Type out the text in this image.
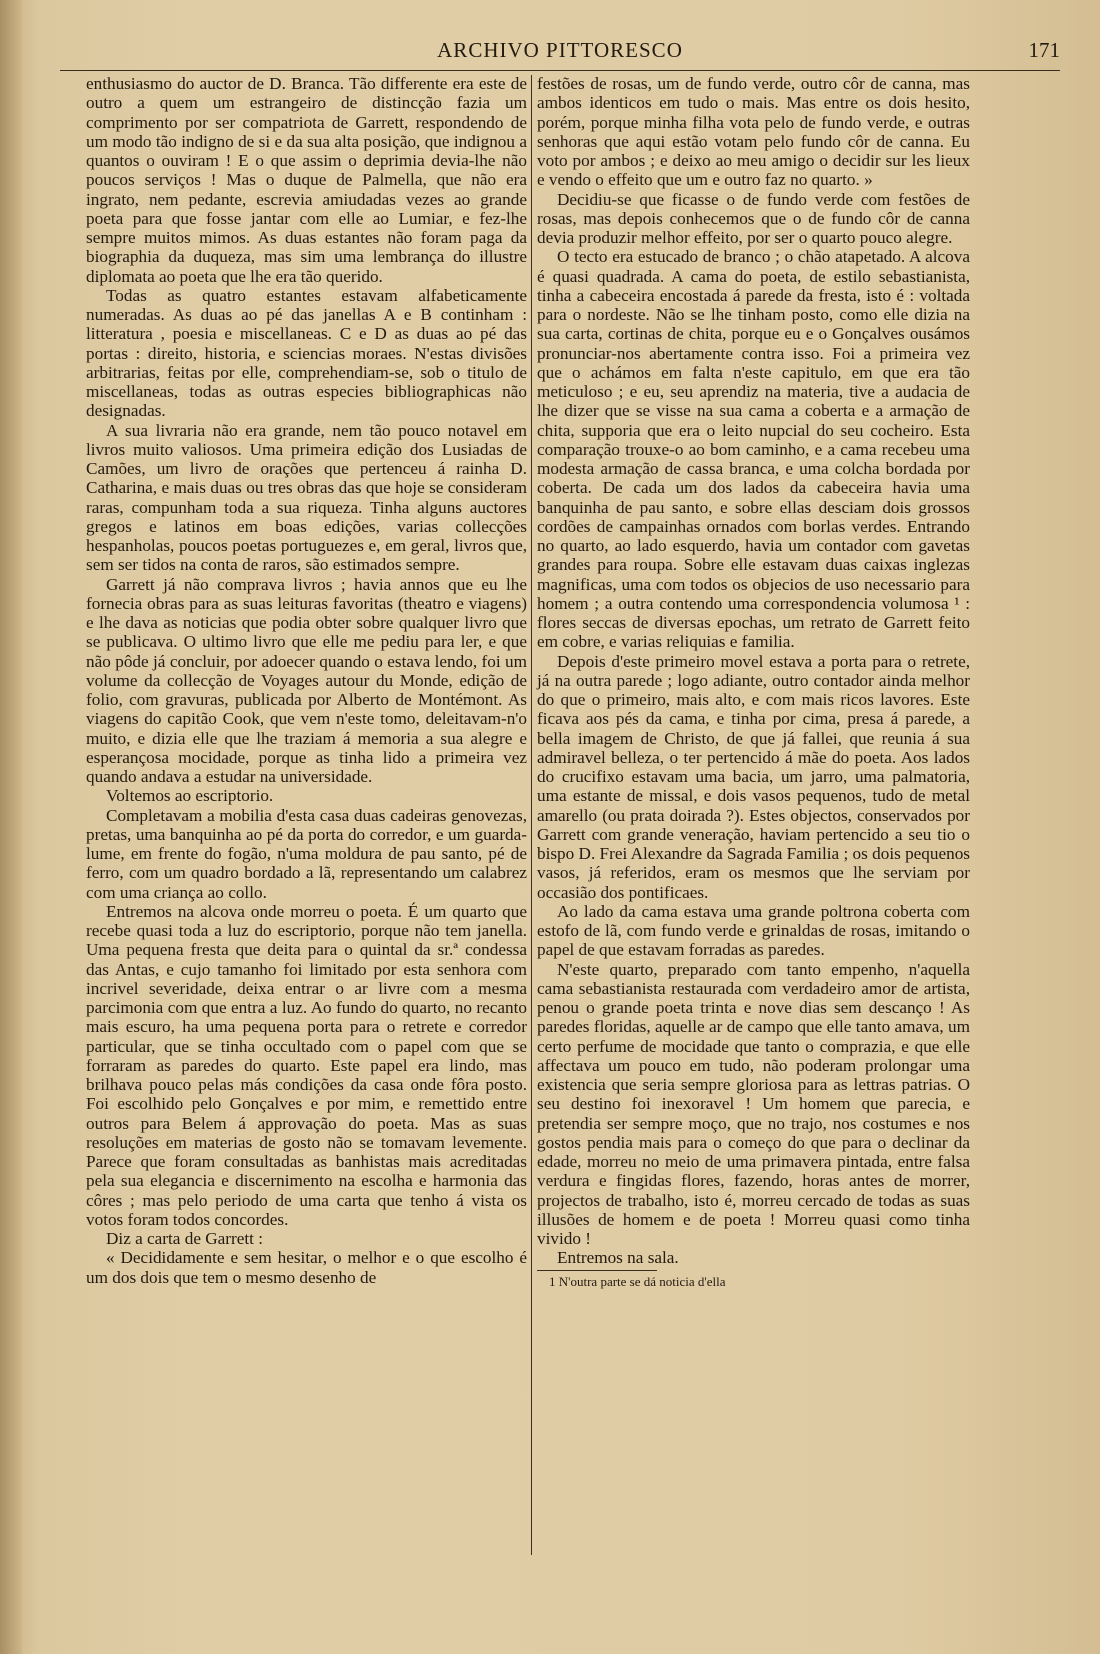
ARCHIVO PITTORESCO	171

enthusiasmo do auctor de D. Branca. Tão differente era este de outro a quem um estrangeiro de distincção fazia um comprimento por ser compatriota de Garrett, respondendo de um modo tão indigno de si e da sua alta posição, que indignou a quantos o ouviram ! E o que assim o deprimia devia-lhe não poucos serviços ! Mas o duque de Palmella, que não era ingrato, nem pedante, escrevia amiudadas vezes ao grande poeta para que fosse jantar com elle ao Lumiar, e fez-lhe sempre muitos mimos. As duas estantes não foram paga da biographia da duqueza, mas sim uma lembrança do illustre diplomata ao poeta que lhe era tão querido.

Todas as quatro estantes estavam alfabeticamente numeradas. As duas ao pé das janellas A e B continham : litteratura , poesia e miscellaneas. C e D as duas ao pé das portas : direito, historia, e sciencias moraes. N'estas divisões arbitrarias, feitas por elle, comprehendiam-se, sob o titulo de miscellaneas, todas as outras especies bibliographicas não designadas.

A sua livraria não era grande, nem tão pouco notavel em livros muito valiosos. Uma primeira edição dos Lusiadas de Camões, um livro de orações que pertenceu á rainha D. Catharina, e mais duas ou tres obras das que hoje se consideram raras, compunham toda a sua riqueza. Tinha alguns auctores gregos e latinos em boas edições, varias collecções hespanholas, poucos poetas portuguezes e, em geral, livros que, sem ser tidos na conta de raros, são estimados sempre.

Garrett já não comprava livros ; havia annos que eu lhe fornecia obras para as suas leituras favoritas (theatro e viagens) e lhe dava as noticias que podia obter sobre qualquer livro que se publicava. O ultimo livro que elle me pediu para ler, e que não pôde já concluir, por adoecer quando o estava lendo, foi um volume da collecção de Voyages autour du Monde, edição de folio, com gravuras, publicada por Alberto de Montémont. As viagens do capitão Cook, que vem n'este tomo, deleitavam-n'o muito, e dizia elle que lhe traziam á memoria a sua alegre e esperançosa mocidade, porque as tinha lido a primeira vez quando andava a estudar na universidade.

Voltemos ao escriptorio.

Completavam a mobilia d'esta casa duas cadeiras genovezas, pretas, uma banquinha ao pé da porta do corredor, e um guarda-lume, em frente do fogão, n'uma moldura de pau santo, pé de ferro, com um quadro bordado a lã, representando um calabrez com uma criança ao collo.

Entremos na alcova onde morreu o poeta. É um quarto que recebe quasi toda a luz do escriptorio, porque não tem janella. Uma pequena fresta que deita para o quintal da sr.ª condessa das Antas, e cujo tamanho foi limitado por esta senhora com incrivel severidade, deixa entrar o ar livre com a mesma parcimonia com que entra a luz. Ao fundo do quarto, no recanto mais escuro, ha uma pequena porta para o retrete e corredor particular, que se tinha occultado com o papel com que se forraram as paredes do quarto. Este papel era lindo, mas brilhava pouco pelas más condições da casa onde fôra posto. Foi escolhido pelo Gonçalves e por mim, e remettido entre outros para Belem á approvação do poeta. Mas as suas resoluções em materias de gosto não se tomavam levemente. Parece que foram consultadas as banhistas mais acreditadas pela sua elegancia e discernimento na escolha e harmonia das côres ; mas pelo periodo de uma carta que tenho á vista os votos foram todos concordes.

Diz a carta de Garrett :

« Decididamente e sem hesitar, o melhor e o que escolho é um dos dois que tem o mesmo desenho de

festões de rosas, um de fundo verde, outro côr de canna, mas ambos identicos em tudo o mais. Mas entre os dois hesito, porém, porque minha filha vota pelo de fundo verde, e outras senhoras que aqui estão votam pelo fundo côr de canna. Eu voto por ambos ; e deixo ao meu amigo o decidir sur les lieux e vendo o effeito que um e outro faz no quarto. »

Decidiu-se que ficasse o de fundo verde com festões de rosas, mas depois conhecemos que o de fundo côr de canna devia produzir melhor effeito, por ser o quarto pouco alegre.

O tecto era estucado de branco ; o chão atapetado. A alcova é quasi quadrada. A cama do poeta, de estilo sebastianista, tinha a cabeceira encostada á parede da fresta, isto é : voltada para o nordeste. Não se lhe tinham posto, como elle dizia na sua carta, cortinas de chita, porque eu e o Gonçalves ousámos pronunciar-nos abertamente contra isso. Foi a primeira vez que o achámos em falta n'este capitulo, em que era tão meticuloso ; e eu, seu aprendiz na materia, tive a audacia de lhe dizer que se visse na sua cama a coberta e a armação de chita, supporia que era o leito nupcial do seu cocheiro. Esta comparação trouxe-o ao bom caminho, e a cama recebeu uma modesta armação de cassa branca, e uma colcha bordada por coberta. De cada um dos lados da cabeceira havia uma banquinha de pau santo, e sobre ellas desciam dois grossos cordões de campainhas ornados com borlas verdes. Entrando no quarto, ao lado esquerdo, havia um contador com gavetas grandes para roupa. Sobre elle estavam duas caixas inglezas magnificas, uma com todos os objecios de uso necessario para homem ; a outra contendo uma correspondencia volumosa ¹ : flores seccas de diversas epochas, um retrato de Garrett feito em cobre, e varias reliquias e familia.

Depois d'este primeiro movel estava a porta para o retrete, já na outra parede ; logo adiante, outro contador ainda melhor do que o primeiro, mais alto, e com mais ricos lavores. Este ficava aos pés da cama, e tinha por cima, presa á parede, a bella imagem de Christo, de que já fallei, que reunia á sua admiravel belleza, o ter pertencido á mãe do poeta. Aos lados do crucifixo estavam uma bacia, um jarro, uma palmatoria, uma estante de missal, e dois vasos pequenos, tudo de metal amarello (ou prata doirada ?). Estes objectos, conservados por Garrett com grande veneração, haviam pertencido a seu tio o bispo D. Frei Alexandre da Sagrada Familia ; os dois pequenos vasos, já referidos, eram os mesmos que lhe serviam por occasião dos pontificaes.

Ao lado da cama estava uma grande poltrona coberta com estofo de lã, com fundo verde e grinaldas de rosas, imitando o papel de que estavam forradas as paredes.

N'este quarto, preparado com tanto empenho, n'aquella cama sebastianista restaurada com verdadeiro amor de artista, penou o grande poeta trinta e nove dias sem descanço ! As paredes floridas, aquelle ar de campo que elle tanto amava, um certo perfume de mocidade que tanto o comprazia, e que elle affectava um pouco em tudo, não poderam prolongar uma existencia que seria sempre gloriosa para as lettras patrias. O seu destino foi inexoravel ! Um homem que parecia, e pretendia ser sempre moço, que no trajo, nos costumes e nos gostos pendia mais para o começo do que para o declinar da edade, morreu no meio de uma primavera pintada, entre falsa verdura e fingidas flores, fazendo, horas antes de morrer, projectos de trabalho, isto é, morreu cercado de todas as suas illusões de homem e de poeta ! Morreu quasi como tinha vivido !

Entremos na sala.

1 N'outra parte se dá noticia d'ella
